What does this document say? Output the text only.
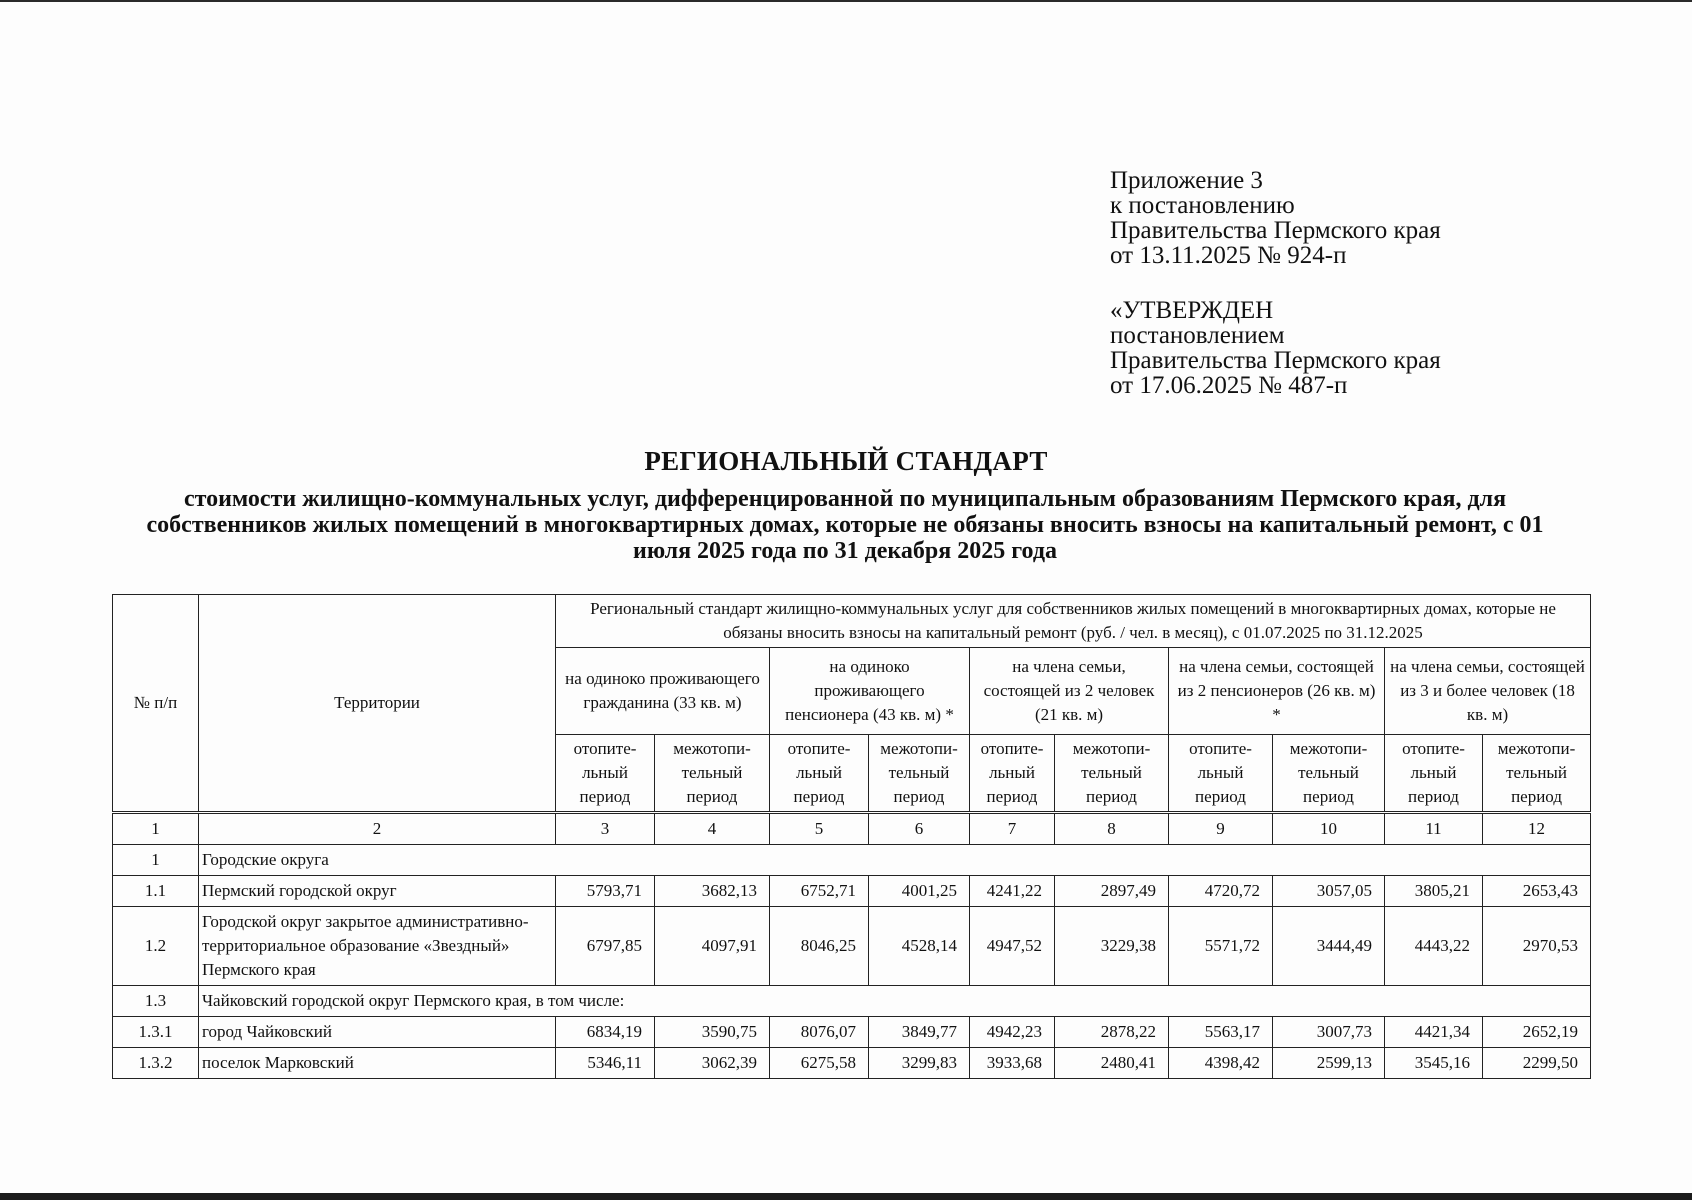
Приложение 3
к постановлению
Правительства Пермского края
от 13.11.2025 № 924-п
«УТВЕРЖДЕН
постановлением
Правительства Пермского края
от 17.06.2025 № 487-п
РЕГИОНАЛЬНЫЙ СТАНДАРТ
стоимости жилищно-коммунальных услуг, дифференцированной по муниципальным образованиям Пермского края, для собственников жилых помещений в многоквартирных домах, которые не обязаны вносить взносы на капитальный ремонт, с 01 июля 2025 года по 31 декабря 2025 года
№ п/п	Территории	Региональный стандарт жилищно-коммунальных услуг для собственников жилых помещений в многоквартирных домах, которые не обязаны вносить взносы на капитальный ремонт (руб. / чел. в месяц), с 01.07.2025 по 31.12.2025									
		на одиноко проживающего гражданина (33 кв. м)		на одиноко проживающего пенсионера (43 кв. м) *		на члена семьи, состоящей из 2 человек (21 кв. м)		на члена семьи, состоящей из 2 пенсионеров (26 кв. м) *		на члена семьи, состоящей из 3 и более человек (18 кв. м)	
		отопите-льный период	межотопи-тельный период	отопите-льный период	межотопи-тельный период	отопите-льный период	межотопи-тельный период	отопите-льный период	межотопи-тельный период	отопите-льный период	межотопи-тельный период
1	2	3	4	5	6	7	8	9	10	11	12
1	Городские округа										
1.1	Пермский городской округ	5793,71	3682,13	6752,71	4001,25	4241,22	2897,49	4720,72	3057,05	3805,21	2653,43
1.2	Городской округ закрытое административно-территориальное образование «Звездный» Пермского края	6797,85	4097,91	8046,25	4528,14	4947,52	3229,38	5571,72	3444,49	4443,22	2970,53
1.3	Чайковский городской округ Пермского края, в том числе:										
1.3.1	город Чайковский	6834,19	3590,75	8076,07	3849,77	4942,23	2878,22	5563,17	3007,73	4421,34	2652,19
1.3.2	поселок Марковский	5346,11	3062,39	6275,58	3299,83	3933,68	2480,41	4398,42	2599,13	3545,16	2299,50
